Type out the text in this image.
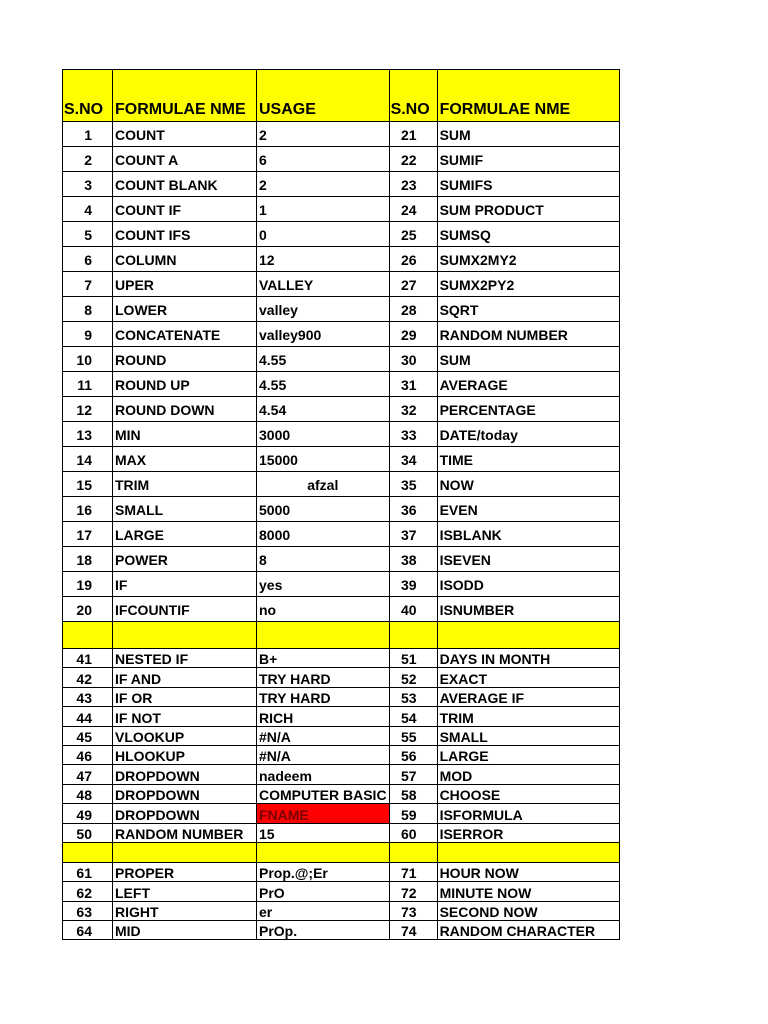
S.NO	FORMULAE NME	USAGE	S.NO	FORMULAE NME
1	COUNT	2	21	SUM
2	COUNT A	6	22	SUMIF
3	COUNT BLANK	2	23	SUMIFS
4	COUNT IF	1	24	SUM PRODUCT
5	COUNT IFS	0	25	SUMSQ
6	COLUMN	12	26	SUMX2MY2
7	UPER	VALLEY	27	SUMX2PY2
8	LOWER	valley	28	SQRT
9	CONCATENATE	valley900	29	RANDOM NUMBER
10	ROUND	4.55	30	SUM
11	ROUND UP	4.55	31	AVERAGE
12	ROUND DOWN	4.54	32	PERCENTAGE
13	MIN	3000	33	DATE/today
14	MAX	15000	34	TIME
15	TRIM	afzal	35	NOW
16	SMALL	5000	36	EVEN
17	LARGE	8000	37	ISBLANK
18	POWER	8	38	ISEVEN
19	IF	yes	39	ISODD
20	IFCOUNTIF	no	40	ISNUMBER

41	NESTED IF	B+	51	DAYS IN MONTH
42	IF AND	TRY HARD	52	EXACT
43	IF OR	TRY HARD	53	AVERAGE IF
44	IF NOT	RICH	54	TRIM
45	VLOOKUP	#N/A	55	SMALL
46	HLOOKUP	#N/A	56	LARGE
47	DROPDOWN	nadeem	57	MOD
48	DROPDOWN	COMPUTER BASIC	58	CHOOSE
49	DROPDOWN	FNAME	59	ISFORMULA
50	RANDOM NUMBER	15	60	ISERROR

61	PROPER	Prop.@;Er	71	HOUR NOW
62	LEFT	PrO	72	MINUTE NOW
63	RIGHT	er	73	SECOND NOW
64	MID	PrOp.	74	RANDOM CHARACTER
